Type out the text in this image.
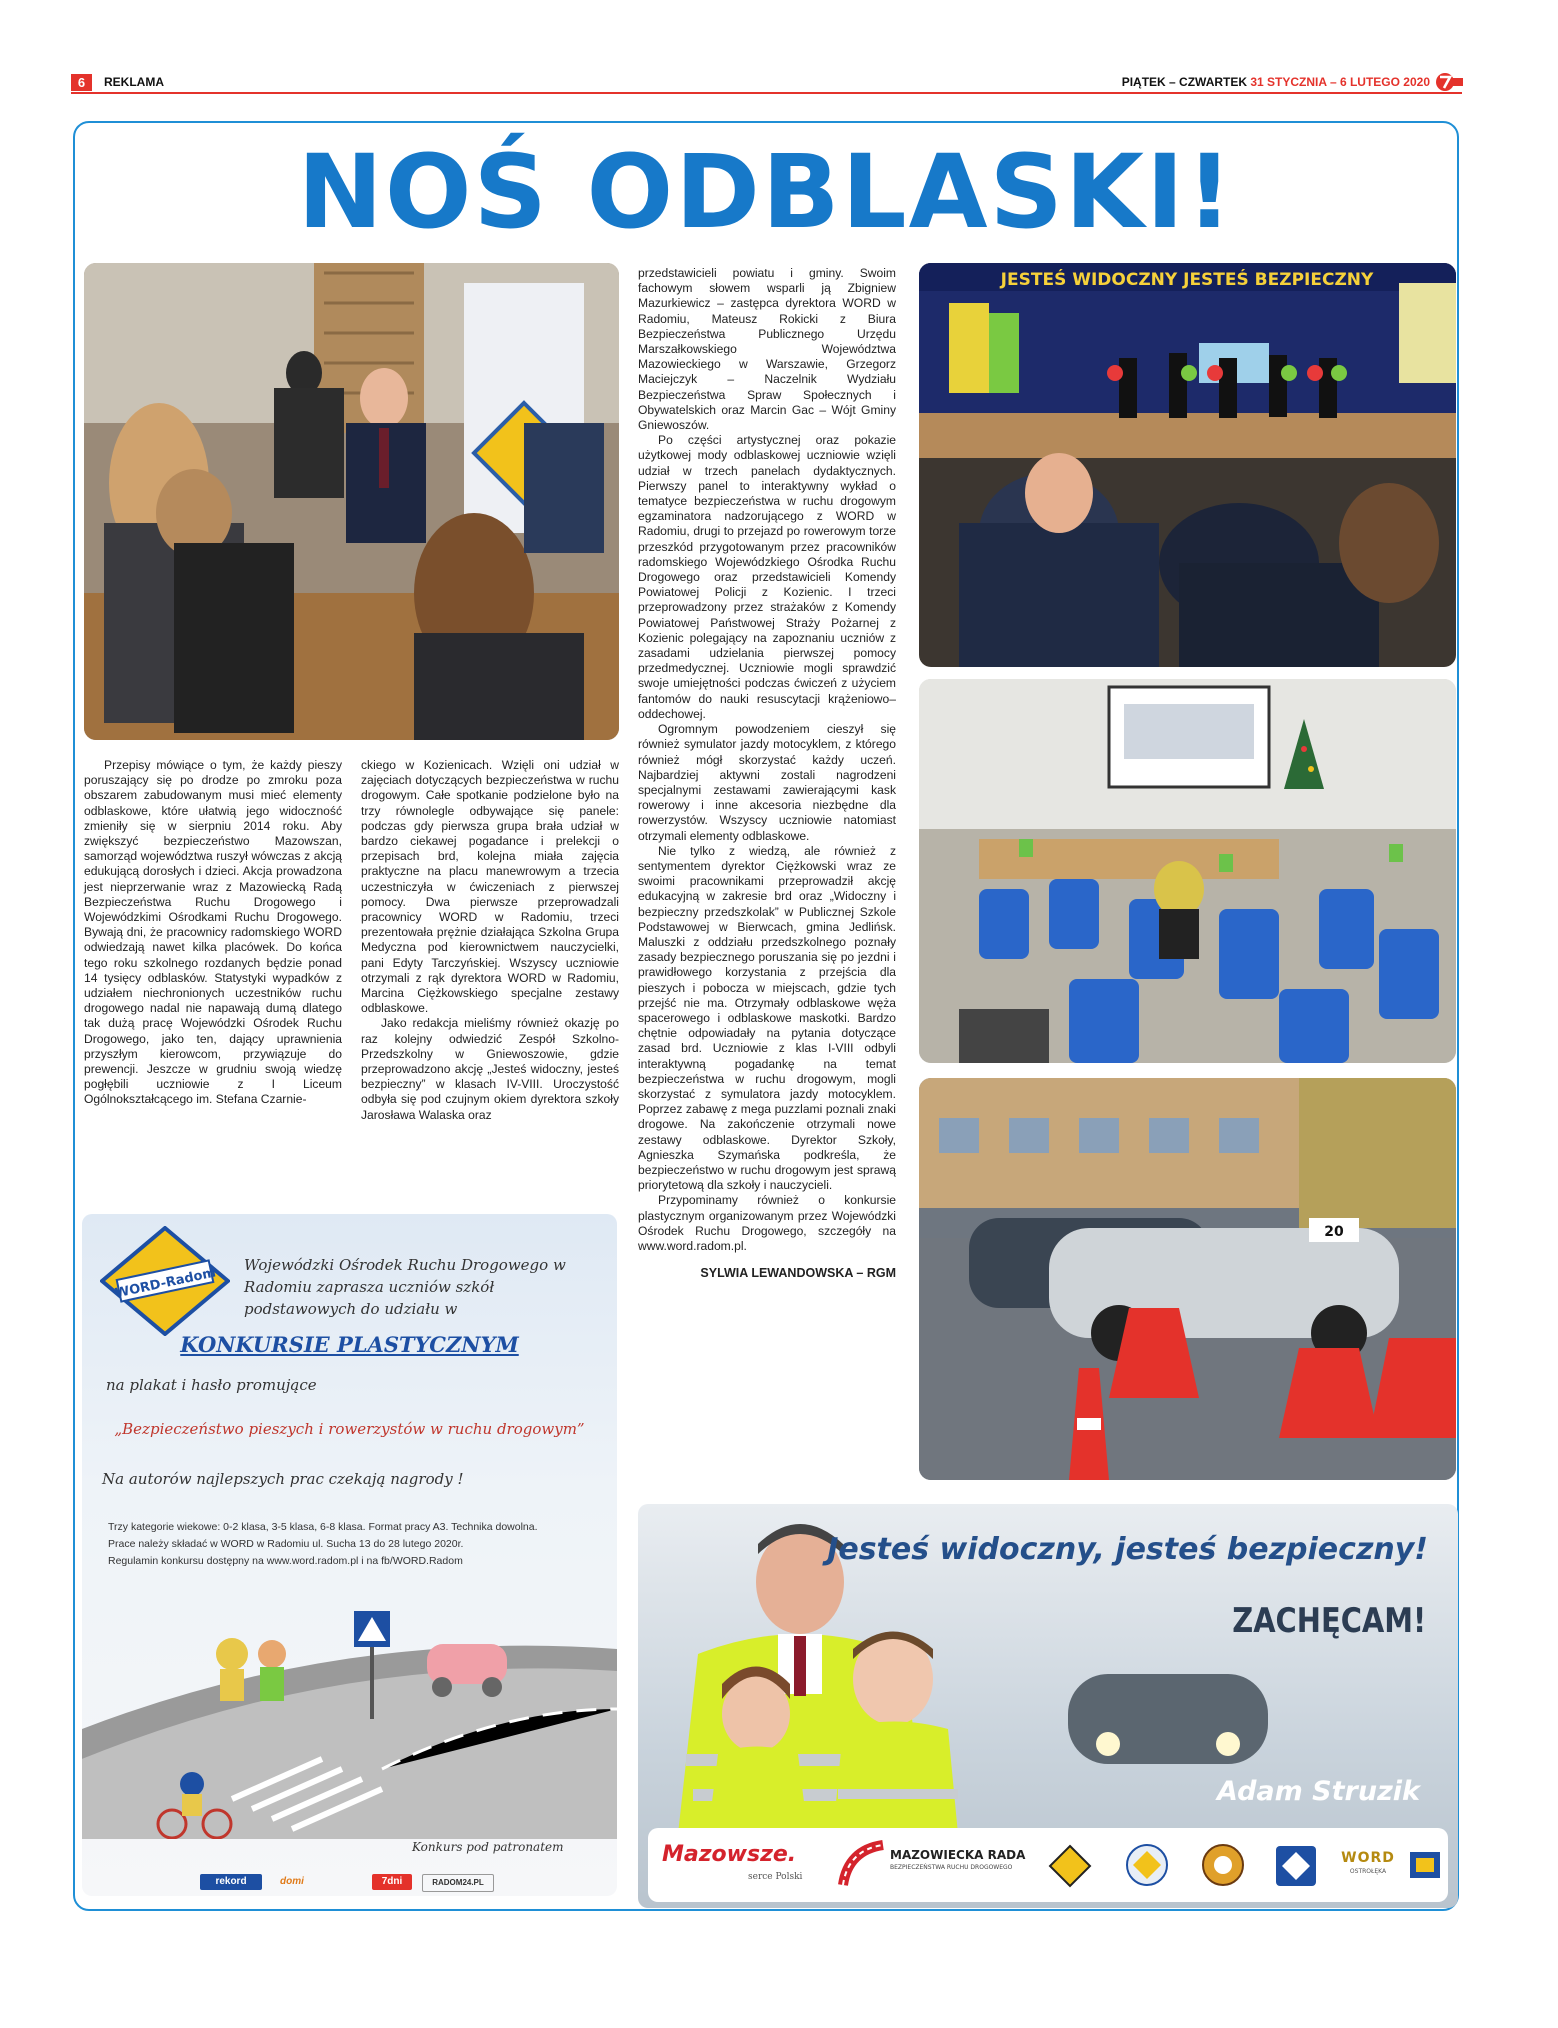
6	REKLAMA	PIĄTEK – CZWARTEK 31 STYCZNIA – 6 LUTEGO 2020
NOŚ ODBLASKI!
JESTEŚ WIDOCZNY JESTEŚ BEZPIECZNY
20

Przepisy mówiące o tym, że każdy pieszy poruszający się po drodze po zmroku poza obszarem zabudowanym musi mieć elementy odblaskowe, które ułatwią jego widoczność zmieniły się w sierpniu 2014 roku. Aby zwiększyć bezpieczeństwo Mazowszan, samorząd województwa ruszył wówczas z akcją edukującą dorosłych i dzieci. Akcja prowadzona jest nieprzerwanie wraz z Mazowiecką Radą Bezpieczeństwa Ruchu Drogowego i Wojewódzkimi Ośrodkami Ruchu Drogowego. Bywają dni, że pracownicy radomskiego WORD odwiedzają nawet kilka placówek. Do końca tego roku szkolnego rozdanych będzie ponad 14 tysięcy odblasków. Statystyki wypadków z udziałem niechronionych uczestników ruchu drogowego nadal nie napawają dumą dlatego tak dużą pracę Wojewódzki Ośrodek Ruchu Drogowego, jako ten, dający uprawnienia przyszłym kierowcom, przywiązuje do prewencji. Jeszcze w grudniu swoją wiedzę pogłębili uczniowie z I Liceum Ogólnokształcącego im. Stefana Czarnie-

ckiego w Kozienicach. Wzięli oni udział w zajęciach dotyczących bezpieczeństwa w ruchu drogowym. Całe spotkanie podzielone było na trzy równolegle odbywające się panele: podczas gdy pierwsza grupa brała udział w bardzo ciekawej pogadance i prelekcji o przepisach brd, kolejna miała zajęcia praktyczne na placu manewrowym a trzecia uczestniczyła w ćwiczeniach z pierwszej pomocy. Dwa pierwsze przeprowadzali pracownicy WORD w Radomiu, trzeci prezentowała prężnie działająca Szkolna Grupa Medyczna pod kierownictwem nauczycielki, pani Edyty Tarczyńskiej. Wszyscy uczniowie otrzymali z rąk dyrektora WORD w Radomiu, Marcina Ciężkowskiego specjalne zestawy odblaskowe.

Jako redakcja mieliśmy również okazję po raz kolejny odwiedzić Zespół Szkolno-Przedszkolny w Gniewoszowie, gdzie przeprowadzono akcję „Jesteś widoczny, jesteś bezpieczny” w klasach IV-VIII. Uroczystość odbyła się pod czujnym okiem dyrektora szkoły Jarosława Walaska oraz

przedstawicieli powiatu i gminy. Swoim fachowym słowem wsparli ją Zbigniew Mazurkiewicz – zastępca dyrektora WORD w Radomiu, Mateusz Rokicki z Biura Bezpieczeństwa Publicznego Urzędu Marszałkowskiego Województwa Mazowieckiego w Warszawie, Grzegorz Maciejczyk – Naczelnik Wydziału Bezpieczeństwa Spraw Społecznych i Obywatelskich oraz Marcin Gac – Wójt Gminy Gniewoszów.

Po części artystycznej oraz pokazie użytkowej mody odblaskowej uczniowie wzięli udział w trzech panelach dydaktycznych. Pierwszy panel to interaktywny wykład o tematyce bezpieczeństwa w ruchu drogowym egzaminatora nadzorującego z WORD w Radomiu, drugi to przejazd po rowerowym torze przeszkód przygotowanym przez pracowników radomskiego Wojewódzkiego Ośrodka Ruchu Drogowego oraz przedstawicieli Komendy Powiatowej Policji z Kozienic. I trzeci przeprowadzony przez strażaków z Komendy Powiatowej Państwowej Straży Pożarnej z Kozienic polegający na zapoznaniu uczniów z zasadami udzielania pierwszej pomocy przedmedycznej. Uczniowie mogli sprawdzić swoje umiejętności podczas ćwiczeń z użyciem fantomów do nauki resuscytacji krążeniowo–oddechowej.

Ogromnym powodzeniem cieszył się również symulator jazdy motocyklem, z którego również mógł skorzystać każdy uczeń. Najbardziej aktywni zostali nagrodzeni specjalnymi zestawami zawierającymi kask rowerowy i inne akcesoria niezbędne dla rowerzystów. Wszyscy uczniowie natomiast otrzymali elementy odblaskowe.

Nie tylko z wiedzą, ale również z sentymentem dyrektor Ciężkowski wraz ze swoimi pracownikami przeprowadził akcję edukacyjną w zakresie brd oraz „Widoczny i bezpieczny przedszkolak” w Publicznej Szkole Podstawowej w Bierwcach, gmina Jedlińsk. Maluszki z oddziału przedszkolnego poznały zasady bezpiecznego poruszania się po jezdni i prawidłowego korzystania z przejścia dla pieszych i pobocza w miejscach, gdzie tych przejść nie ma. Otrzymały odblaskowe węża spacerowego i odblaskowe maskotki. Bardzo chętnie odpowiadały na pytania dotyczące zasad brd. Uczniowie z klas I-VIII odbyli interaktywną pogadankę na temat bezpieczeństwa w ruchu drogowym, mogli skorzystać z symulatora jazdy motocyklem. Poprzez zabawę z mega puzzlami poznali znaki drogowe. Na zakończenie otrzymali nowe zestawy odblaskowe. Dyrektor Szkoły, Agnieszka Szymańska podkreśla, że bezpieczeństwo w ruchu drogowym jest sprawą priorytetową dla szkoły i nauczycieli.

Przypominamy również o konkursie plastycznym organizowanym przez Wojewódzki Ośrodek Ruchu Drogowego, szczegóły na www.word.radom.pl.

SYLWIA LEWANDOWSKA – RGM
WORD-Radom
Wojewódzki Ośrodek Ruchu Drogowego w Radomiu zaprasza uczniów szkół podstawowych do udziału w
KONKURSIE PLASTYCZNYM
na plakat i hasło promujące
„Bezpieczeństwo pieszych i rowerzystów w ruchu drogowym”
Na autorów najlepszych prac czekają nagrody !
Trzy kategorie wiekowe: 0-2 klasa, 3-5 klasa, 6-8 klasa. Format pracy A3. Technika dowolna.
Prace należy składać w WORD w Radomiu ul. Sucha 13 do 28 lutego 2020r.
Regulamin konkursu dostępny na www.word.radom.pl i na fb/WORD.Radom
Konkurs pod patronatem
rekord	domi	7dni	RADOM24.PL
Jesteś widoczny, jesteś bezpieczny!
ZACHĘCAM!
Adam Struzik
Mazowsze.
serce Polski
MAZOWIECKA RADA
BEZPIECZEŃSTWA RUCHU DROGOWEGO
WORD
OSTROŁĘKA
